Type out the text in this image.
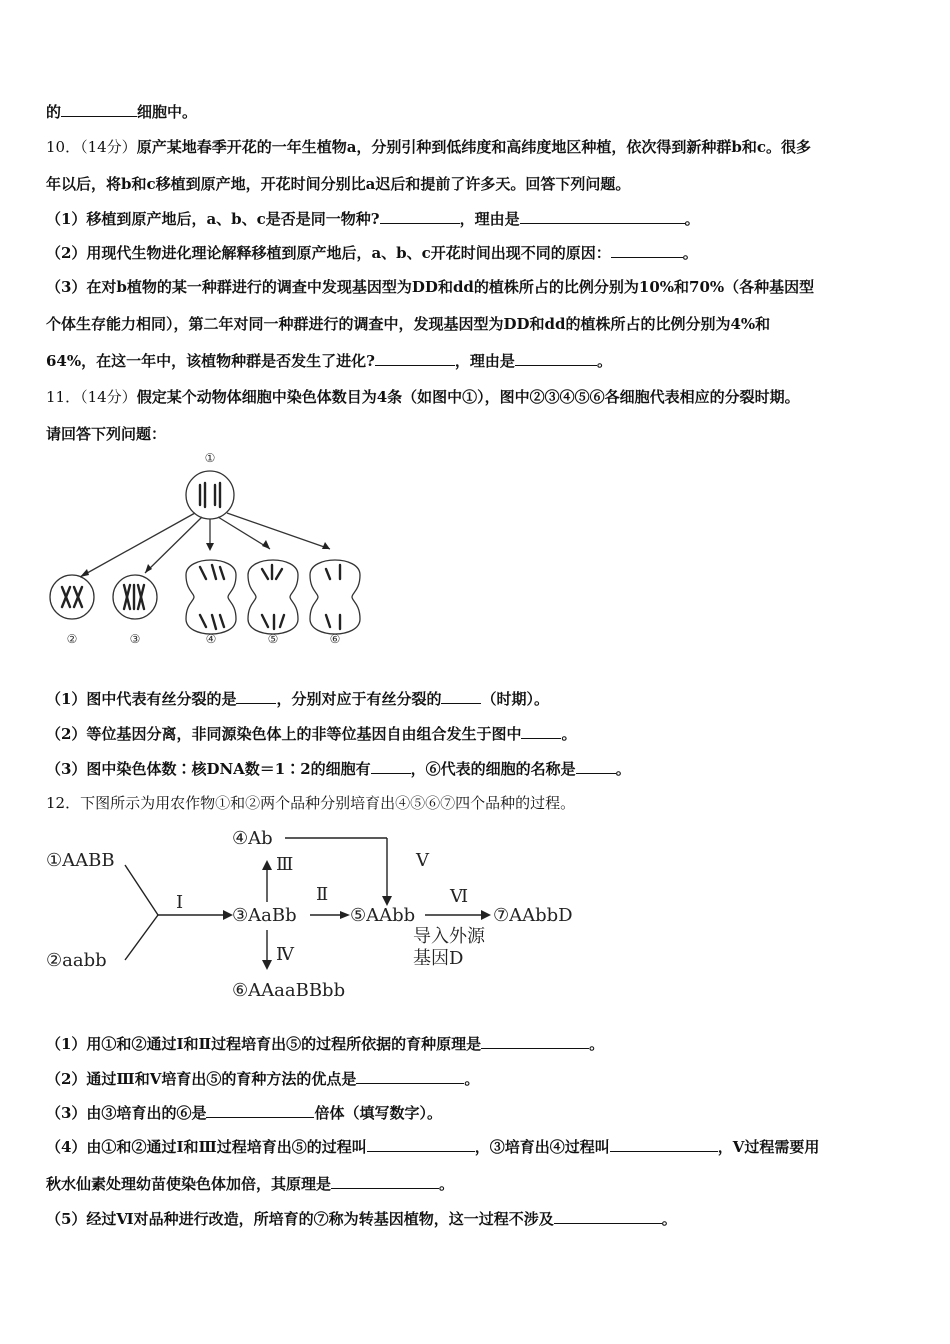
的	细胞中。
10．（14分）原产某地春季开花的一年生植物a，分别引种到低纬度和高纬度地区种植，依次得到新种群b和c。很多
年以后，将b和c移植到原产地，开花时间分别比a迟后和提前了许多天。回答下列问题。
（1）移植到原产地后，a、b、c是否是同一物种?	，理由是	。
（2）用现代生物进化理论解释移植到原产地后，a、b、c开花时间出现不同的原因：	。
（3）在对b植物的某一种群进行的调查中发现基因型为DD和dd的植株所占的比例分别为10%和70%（各种基因型
个体生存能力相同），第二年对同一种群进行的调查中，发现基因型为DD和dd的植株所占的比例分别为4%和
64%，在这一年中，该植物种群是否发生了进化?	，理由是	。
11．（14分）假定某个动物体细胞中染色体数目为4条（如图中①），图中②③④⑤⑥各细胞代表相应的分裂时期。
请回答下列问题：
①
②	③	④	⑤	⑥
（1）图中代表有丝分裂的是	，分别对应于有丝分裂的	（时期）。
（2）等位基因分离，非同源染色体上的非等位基因自由组合发生于图中	。
（3）图中染色体数∶核DNA数＝1∶2的细胞有	，⑥代表的细胞的名称是	。
12．下图所示为用农作物①和②两个品种分别培育出④⑤⑥⑦四个品种的过程。
①AABB
②aabb
③AaBb
④Ab
⑤AAbb
⑥AAaaBBbb
⑦AAbbD
Ⅰ	Ⅱ
Ⅲ
Ⅳ
Ⅴ
Ⅵ
导入外源
基因D
（1）用①和②通过Ⅰ和Ⅱ过程培育出⑤的过程所依据的育种原理是	。
（2）通过Ⅲ和Ⅴ培育出⑤的育种方法的优点是	。
（3）由③培育出的⑥是	倍体（填写数字）。
（4）由①和②通过Ⅰ和Ⅲ过程培育出⑤的过程叫	，③培育出④过程叫	，Ⅴ过程需要用
秋水仙素处理幼苗使染色体加倍，其原理是	。
（5）经过Ⅵ对品种进行改造，所培育的⑦称为转基因植物，这一过程不涉及	。
